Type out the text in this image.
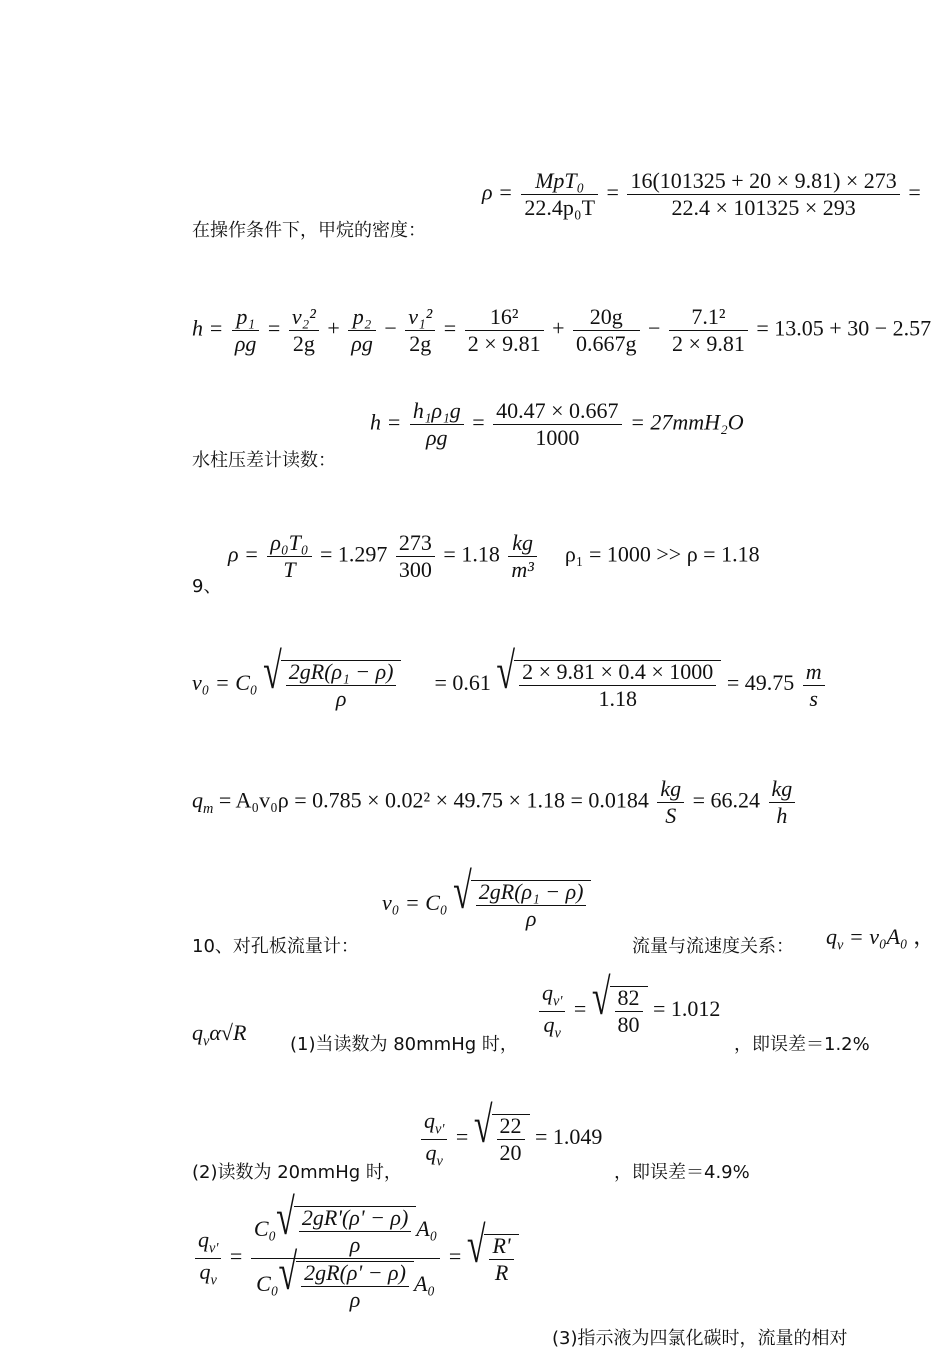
在操作条件下，甲烷的密度：
$\rho = \frac{\text{MpT₀}}{\text{22.4p₀T}} = \frac{16(101325 + 20 \times 9.81) \times 273}{22.4 \times 101325 \times 293}$ =
$h = \frac{\text{p₁}}{\rho g} = \frac{\text{v₂²}}{2g} + \frac{\text{p₂}}{\rho g} - \frac{\text{v₁²}}{2g} = \frac{\text{16²}}{2 \times 9.81} + \frac{20g}{0.667g} - \frac{\text{7.1²}}{2 \times 9.81} = 13.05 + 30 - 2.57$
水柱压差计读数：
$h = \frac{\text{h₁ρ₁g}}{\rho g} = \frac{40.47 \times 0.667}{1000} = 27mmH_2O$
9、
$\rho = \frac{\text{ρ₀T₀}}{T} = 1.297 \frac{273}{300} = 1.18 \frac{kg}{\text{m³}} \rho_1 = 1000 >> \rho = 1.18$
v₀ = C₀ √ $\frac{\text{2gR(ρ₁ − ρ)}}{\rho} = 0.61$ √ $\frac{2 \times 9.81 \times 0.4 \times 1000}{1.18} = 49.75 \frac{m}{s}$
$q_m = A_0v_0\rho = 0.785 \times 0.02^2 \times 49.75 \times 1.18 = 0.0184 \frac{kg}{S} = 66.24 \frac{kg}{h}$
10、对孔板流量计：
v₀ = C₀ √ $\frac{\text{2gR(ρ₁ − ρ)}}{\rho}$
流量与流速度关系： $q_v = v_0A_0$ ，
$q_v\alpha√R$ (1)当读数为 80mmHg 时，
$\frac{q_{v'}}{q_v}$ = √ $\frac{82}{80} = 1.012$
，即误差＝1.2%
(2)读数为 20mmHg 时，
$\frac{q_{v'}}{q_v}$ = √ $\frac{22}{20} = 1.049$
，即误差＝4.9%
$\frac{q_{v'}}{q_v} = \frac{C_0 √ \frac{2gR'(\rho' - \rho)}{\rho} A_0}{C_0 √ \frac{2gR(\rho' - \rho)}{\rho} A_0}$ = √ $\frac{R'}{R}$
(3)指示液为四氯化碳时，流量的相对
